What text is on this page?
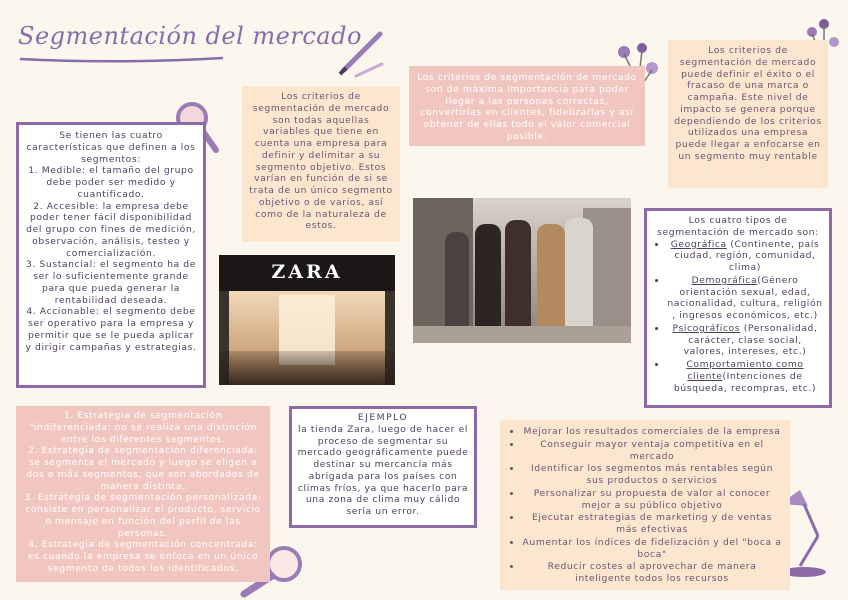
Segmentación del mercado
Se tienen las cuatro características que definen a los segmentos:
1. Medible: el tamaño del grupo debe poder ser medido y cuantificado.
2. Accesible: la empresa debe poder tener fácil disponibilidad del grupo con fines de medición, observación, análisis, testeo y comercialización.
3. Sustancial: el segmento ha de ser lo suficientemente grande para que pueda generar la rentabilidad deseada.
4. Accionable: el segmento debe ser operativo para la empresa y permitir que se le pueda aplicar y dirigir campañas y estrategias.
Los criterios de segmentación de mercado son todas aquellas variables que tiene en cuenta una empresa para definir y delimitar a su segmento objetivo. Estos varían en función de si se trata de un único segmento objetivo o de varios, así como de la naturaleza de estos.
Los criterios de segmentación de mercado son de máxima importancia para poder llegar a las personas correctas, convertirlas en clientes, fidelizarlas y así obtener de ellas todo el valor comercial posible.
Los criterios de segmentación de mercado puede definir el éxito o el fracaso de una marca o campaña. Este nivel de impacto se genera porque dependiendo de los criterios utilizados una empresa puede llegar a enfocarse en un segmento muy rentable
ZARA
Los cuatro tipos de segmentación de mercado son:
• Geográfica (Continente, país ciudad, región, comunidad, clima)
• Demográfica(Género orientación sexual, edad, nacionalidad, cultura, religión , ingresos económicos, etc.)
• Psicográficos (Personalidad, carácter, clase social, valores, intereses, etc.)
• Comportamiento como cliente(Intenciones de búsqueda, recompras, etc.)
1. Estrategia de segmentación "indiferenciada: no se realiza una distinción entre los diferentes segmentos.
2. Estrategia de segmentación diferenciada: se segmenta el mercado y luego se eligen a dos o más segmentos, que son abordados de manera distinta.
3. Estrategia de segmentación personalizada: consiste en personalizar el producto, servicio o mensaje en función del perfil de las personas.
4. Estrategia de segmentación concentrada: es cuando la empresa se enfoca en un único segmento de todos los identificados.
EJEMPLO
la tienda Zara, luego de hacer el proceso de segmentar su mercado geográficamente puede destinar su mercancía más abrigada para los países con climas fríos, ya que hacerlo para una zona de clima muy cálido sería un error.
• Mejorar los resultados comerciales de la empresa
• Conseguir mayor ventaja competitiva en el mercado
• Identificar los segmentos más rentables según sus productos o servicios
• Personalizar su propuesta de valor al conocer mejor a su público objetivo
• Ejecutar estrategias de marketing y de ventas más efectivas
• Aumentar los índices de fidelización y del "boca a boca"
• Reducir costes al aprovechar de manera inteligente todos los recursos
